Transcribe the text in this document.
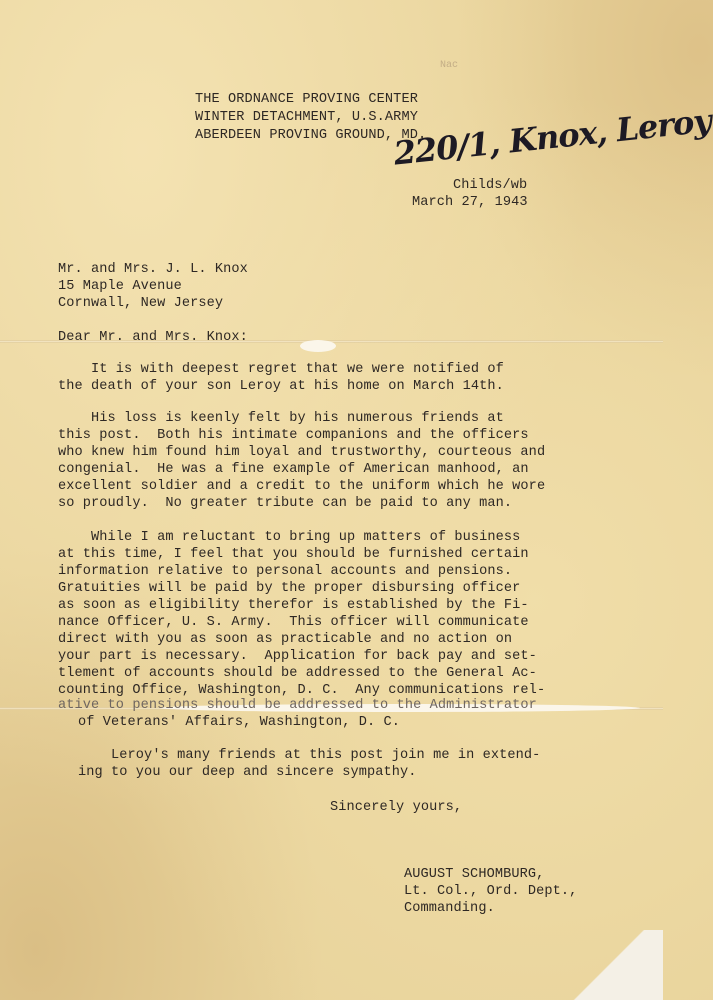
Nac
THE ORDNANCE PROVING CENTER
WINTER DETACHMENT, U.S.ARMY
ABERDEEN PROVING GROUND, MD.
220/1, Knox, Leroy
Childs/wb
March 27, 1943
Mr. and Mrs. J. L. Knox
15 Maple Avenue
Cornwall, New Jersey
Dear Mr. and Mrs. Knox:
It is with deepest regret that we were notified of
the death of your son Leroy at his home on March 14th.
His loss is keenly felt by his numerous friends at
this post.  Both his intimate companions and the officers
who knew him found him loyal and trustworthy, courteous and
congenial.  He was a fine example of American manhood, an
excellent soldier and a credit to the uniform which he wore
so proudly.  No greater tribute can be paid to any man.
While I am reluctant to bring up matters of business
at this time, I feel that you should be furnished certain
information relative to personal accounts and pensions.
Gratuities will be paid by the proper disbursing officer
as soon as eligibility therefor is established by the Fi-
nance Officer, U. S. Army.  This officer will communicate
direct with you as soon as practicable and no action on
your part is necessary.  Application for back pay and set-
tlement of accounts should be addressed to the General Ac-
counting Office, Washington, D. C.  Any communications rel-
ative to pensions should be addressed to the Administrator
of Veterans' Affairs, Washington, D. C.
Leroy's many friends at this post join me in extend-
ing to you our deep and sincere sympathy.
Sincerely yours,
AUGUST SCHOMBURG,
Lt. Col., Ord. Dept.,
Commanding.
